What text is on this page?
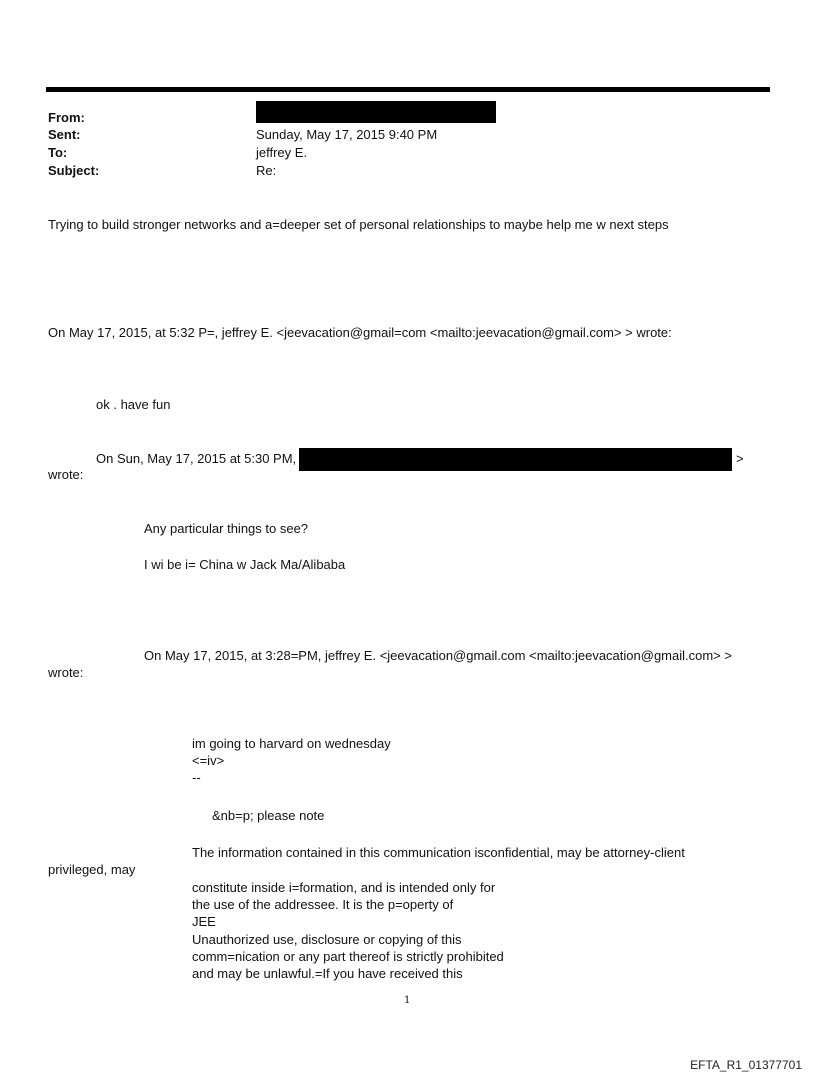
From:
Sent:
To:
Subject:
Sunday, May 17, 2015 9:40 PM
jeffrey E.
Re:
Trying to build stronger networks and a=deeper set of personal relationships to maybe help me w next steps
On May 17, 2015, at 5:32 P=, jeffrey E. <jeevacation@gmail=com <mailto:jeevacation@gmail.com> > wrote:
ok . have fun
On Sun, May 17, 2015 at 5:30 PM,	>
wrote:
Any particular things to see?
I wi be i= China w Jack Ma/Alibaba
On May 17, 2015, at 3:28=PM, jeffrey E. <jeevacation@gmail.com <mailto:jeevacation@gmail.com> >
wrote:
im going to harvard on wednesday
<=iv>
--
&nb=p; please note
The information contained in this communication isconfidential, may be attorney-client
privileged, may
constitute inside i=formation, and is intended only for
the use of the addressee. It is the p=operty of
JEE
Unauthorized use, disclosure or copying of this
comm=nication or any part thereof is strictly prohibited
and may be unlawful.=If you have received this
1
EFTA_R1_01377701
